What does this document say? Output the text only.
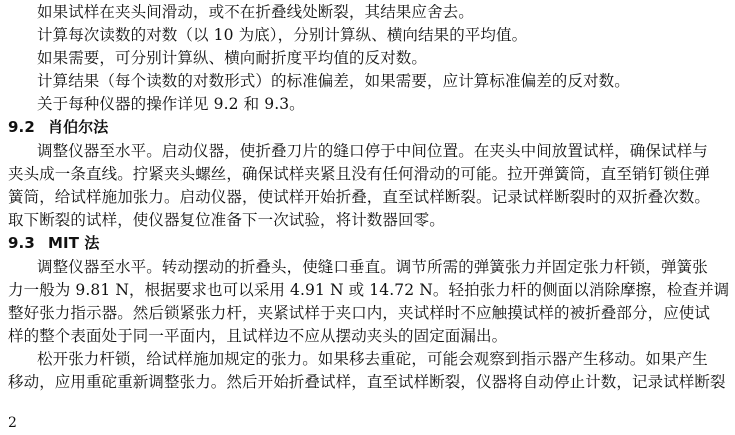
如果试样在夹头间滑动，或不在折叠线处断裂，其结果应舍去。
计算每次读数的对数（以 10 为底），分别计算纵、横向结果的平均值。
如果需要，可分别计算纵、横向耐折度平均值的反对数。
计算结果（每个读数的对数形式）的标准偏差，如果需要，应计算标准偏差的反对数。
关于每种仪器的操作详见 9.2 和 9.3。
9.2 肖伯尔法
调整仪器至水平。启动仪器，使折叠刀片的缝口停于中间位置。在夹头中间放置试样，确保试样与
夹头成一条直线。拧紧夹头螺丝，确保试样夹紧且没有任何滑动的可能。拉开弹簧筒，直至销钉锁住弹
簧筒，给试样施加张力。启动仪器，使试样开始折叠，直至试样断裂。记录试样断裂时的双折叠次数。
取下断裂的试样，使仪器复位准备下一次试验，将计数器回零。
9.3 MIT 法
调整仪器至水平。转动摆动的折叠头，使缝口垂直。调节所需的弹簧张力并固定张力杆锁，弹簧张
力一般为 9.81 N，根据要求也可以采用 4.91 N 或 14.72 N。轻拍张力杆的侧面以消除摩擦，检查并调
整好张力指示器。然后锁紧张力杆，夹紧试样于夹口内，夹试样时不应触摸试样的被折叠部分，应使试
样的整个表面处于同一平面内，且试样边不应从摆动夹头的固定面漏出。
松开张力杆锁，给试样施加规定的张力。如果移去重砣，可能会观察到指示器产生移动。如果产生
移动，应用重砣重新调整张力。然后开始折叠试样，直至试样断裂，仪器将自动停止计数，记录试样断裂
2
